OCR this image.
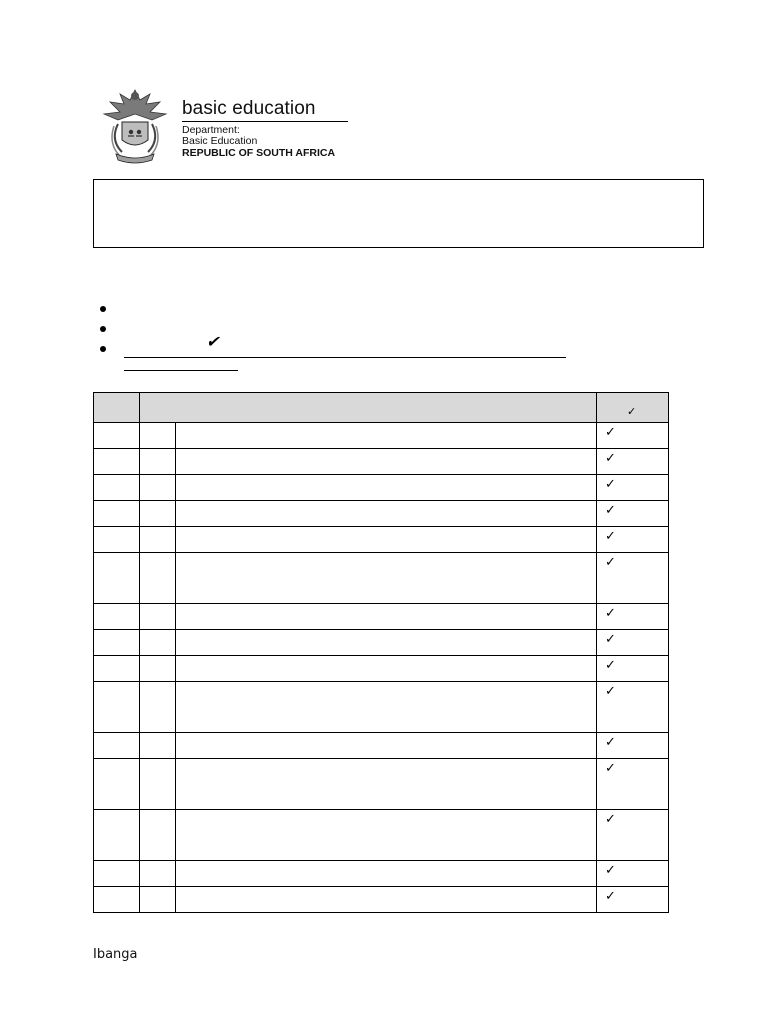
basic education
Department:
Basic Education
REPUBLIC OF SOUTH AFRICA
✔
✓
✓
✓
✓
✓
✓
✓
✓
✓
✓
✓
✓
✓
✓
✓
✓
Ibanga
